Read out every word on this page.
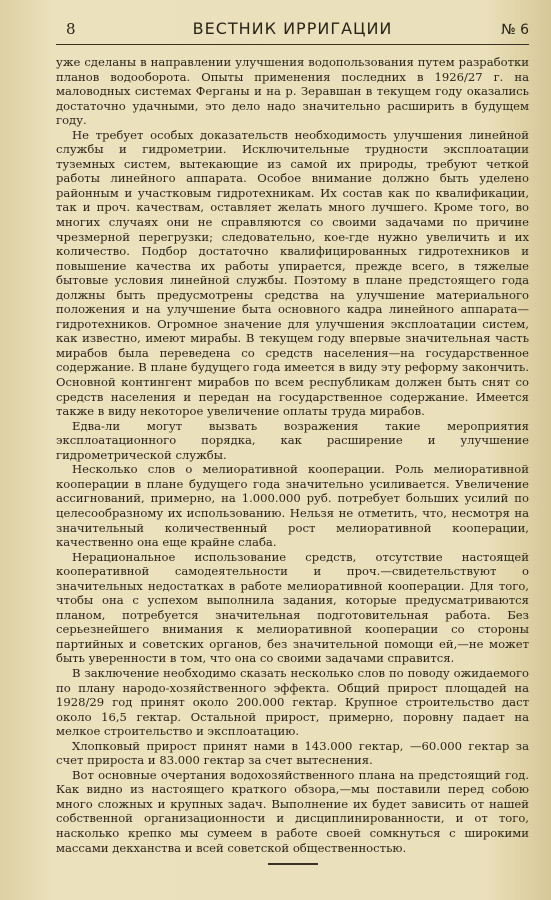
8	ВЕСТНИК ИРРИГАЦИИ	№ 6

уже сделаны в направлении улучшения водопользования путем разработки планов водооборота. Опыты применения последних в 1926/27 г. на маловодных системах Ферганы и на р. Зеравшан в текущем году оказались достаточно удачными, это дело надо значительно расширить в будущем году.

Не требует особых доказательств необходимость улучшения линейной службы и гидрометрии. Исключительные трудности эксплоатации туземных систем, вытекающие из самой их природы, требуют четкой работы линейного аппарата. Особое внимание должно быть уделено районным и участковым гидротехникам. Их состав как по квалификации, так и проч. качествам, оставляет желать много лучшего. Кроме того, во многих случаях они не справляются со своими задачами по причине чрезмерной перегрузки; следовательно, кое-где нужно увеличить и их количество. Подбор достаточно квалифицированных гидротехников и повышение качества их работы упирается, прежде всего, в тяжелые бытовые условия линейной службы. Поэтому в плане предстоящего года должны быть предусмотрены средства на улучшение материального положения и на улучшение быта основного кадра линейного аппарата—гидротехников. Огромное значение для улучшения эксплоатации систем, как известно, имеют мирабы. В текущем году впервые значительная часть мирабов была переведена со средств населения—на государственное содержание. В плане будущего года имеется в виду эту реформу закончить. Основной контингент мирабов по всем республикам должен быть снят со средств населения и передан на государственное содержание. Имеется также в виду некоторое увеличение оплаты труда мирабов.

Едва-ли могут вызвать возражения такие мероприятия эксплоатационного порядка, как расширение и улучшение гидрометрической службы.

Несколько слов о мелиоративной кооперации. Роль мелиоративной кооперации в плане будущего года значительно усиливается. Увеличение ассигнований, примерно, на 1.000.000 руб. потребует больших усилий по целесообразному их использованию. Нельзя не отметить, что, несмотря на значительный количественный рост мелиоративной кооперации, качественно она еще крайне слаба.

Нерациональное использование средств, отсутствие настоящей кооперативной самодеятельности и проч.—свидетельствуют о значительных недостатках в работе мелиоративной кооперации. Для того, чтобы она с успехом выполнила задания, которые предусматриваются планом, потребуется значительная подготовительная работа. Без серьезнейшего внимания к мелиоративной кооперации со стороны партийных и советских органов, без значительной помощи ей,—не может быть уверенности в том, что она со своими задачами справится.

В заключение необходимо сказать несколько слов по поводу ожидаемого по плану народо-хозяйственного эффекта. Общий прирост площадей на 1928/29 год принят около 200.000 гектар. Крупное строительство даст около 16,5 гектар. Остальной прирост, примерно, поровну падает на мелкое строительство и эксплоатацию.

Хлопковый прирост принят нами в 143.000 гектар, —60.000 гектар за счет прироста и 83.000 гектар за счет вытеснения.

Вот основные очертания водохозяйственного плана на предстоящий год. Как видно из настоящего краткого обзора,—мы поставили перед собою много сложных и крупных задач. Выполнение их будет зависить от нашей собственной организационности и дисциплинированности, и от того, насколько крепко мы сумеем в работе своей сомкнуться с широкими массами декханства и всей советской общественностью.
